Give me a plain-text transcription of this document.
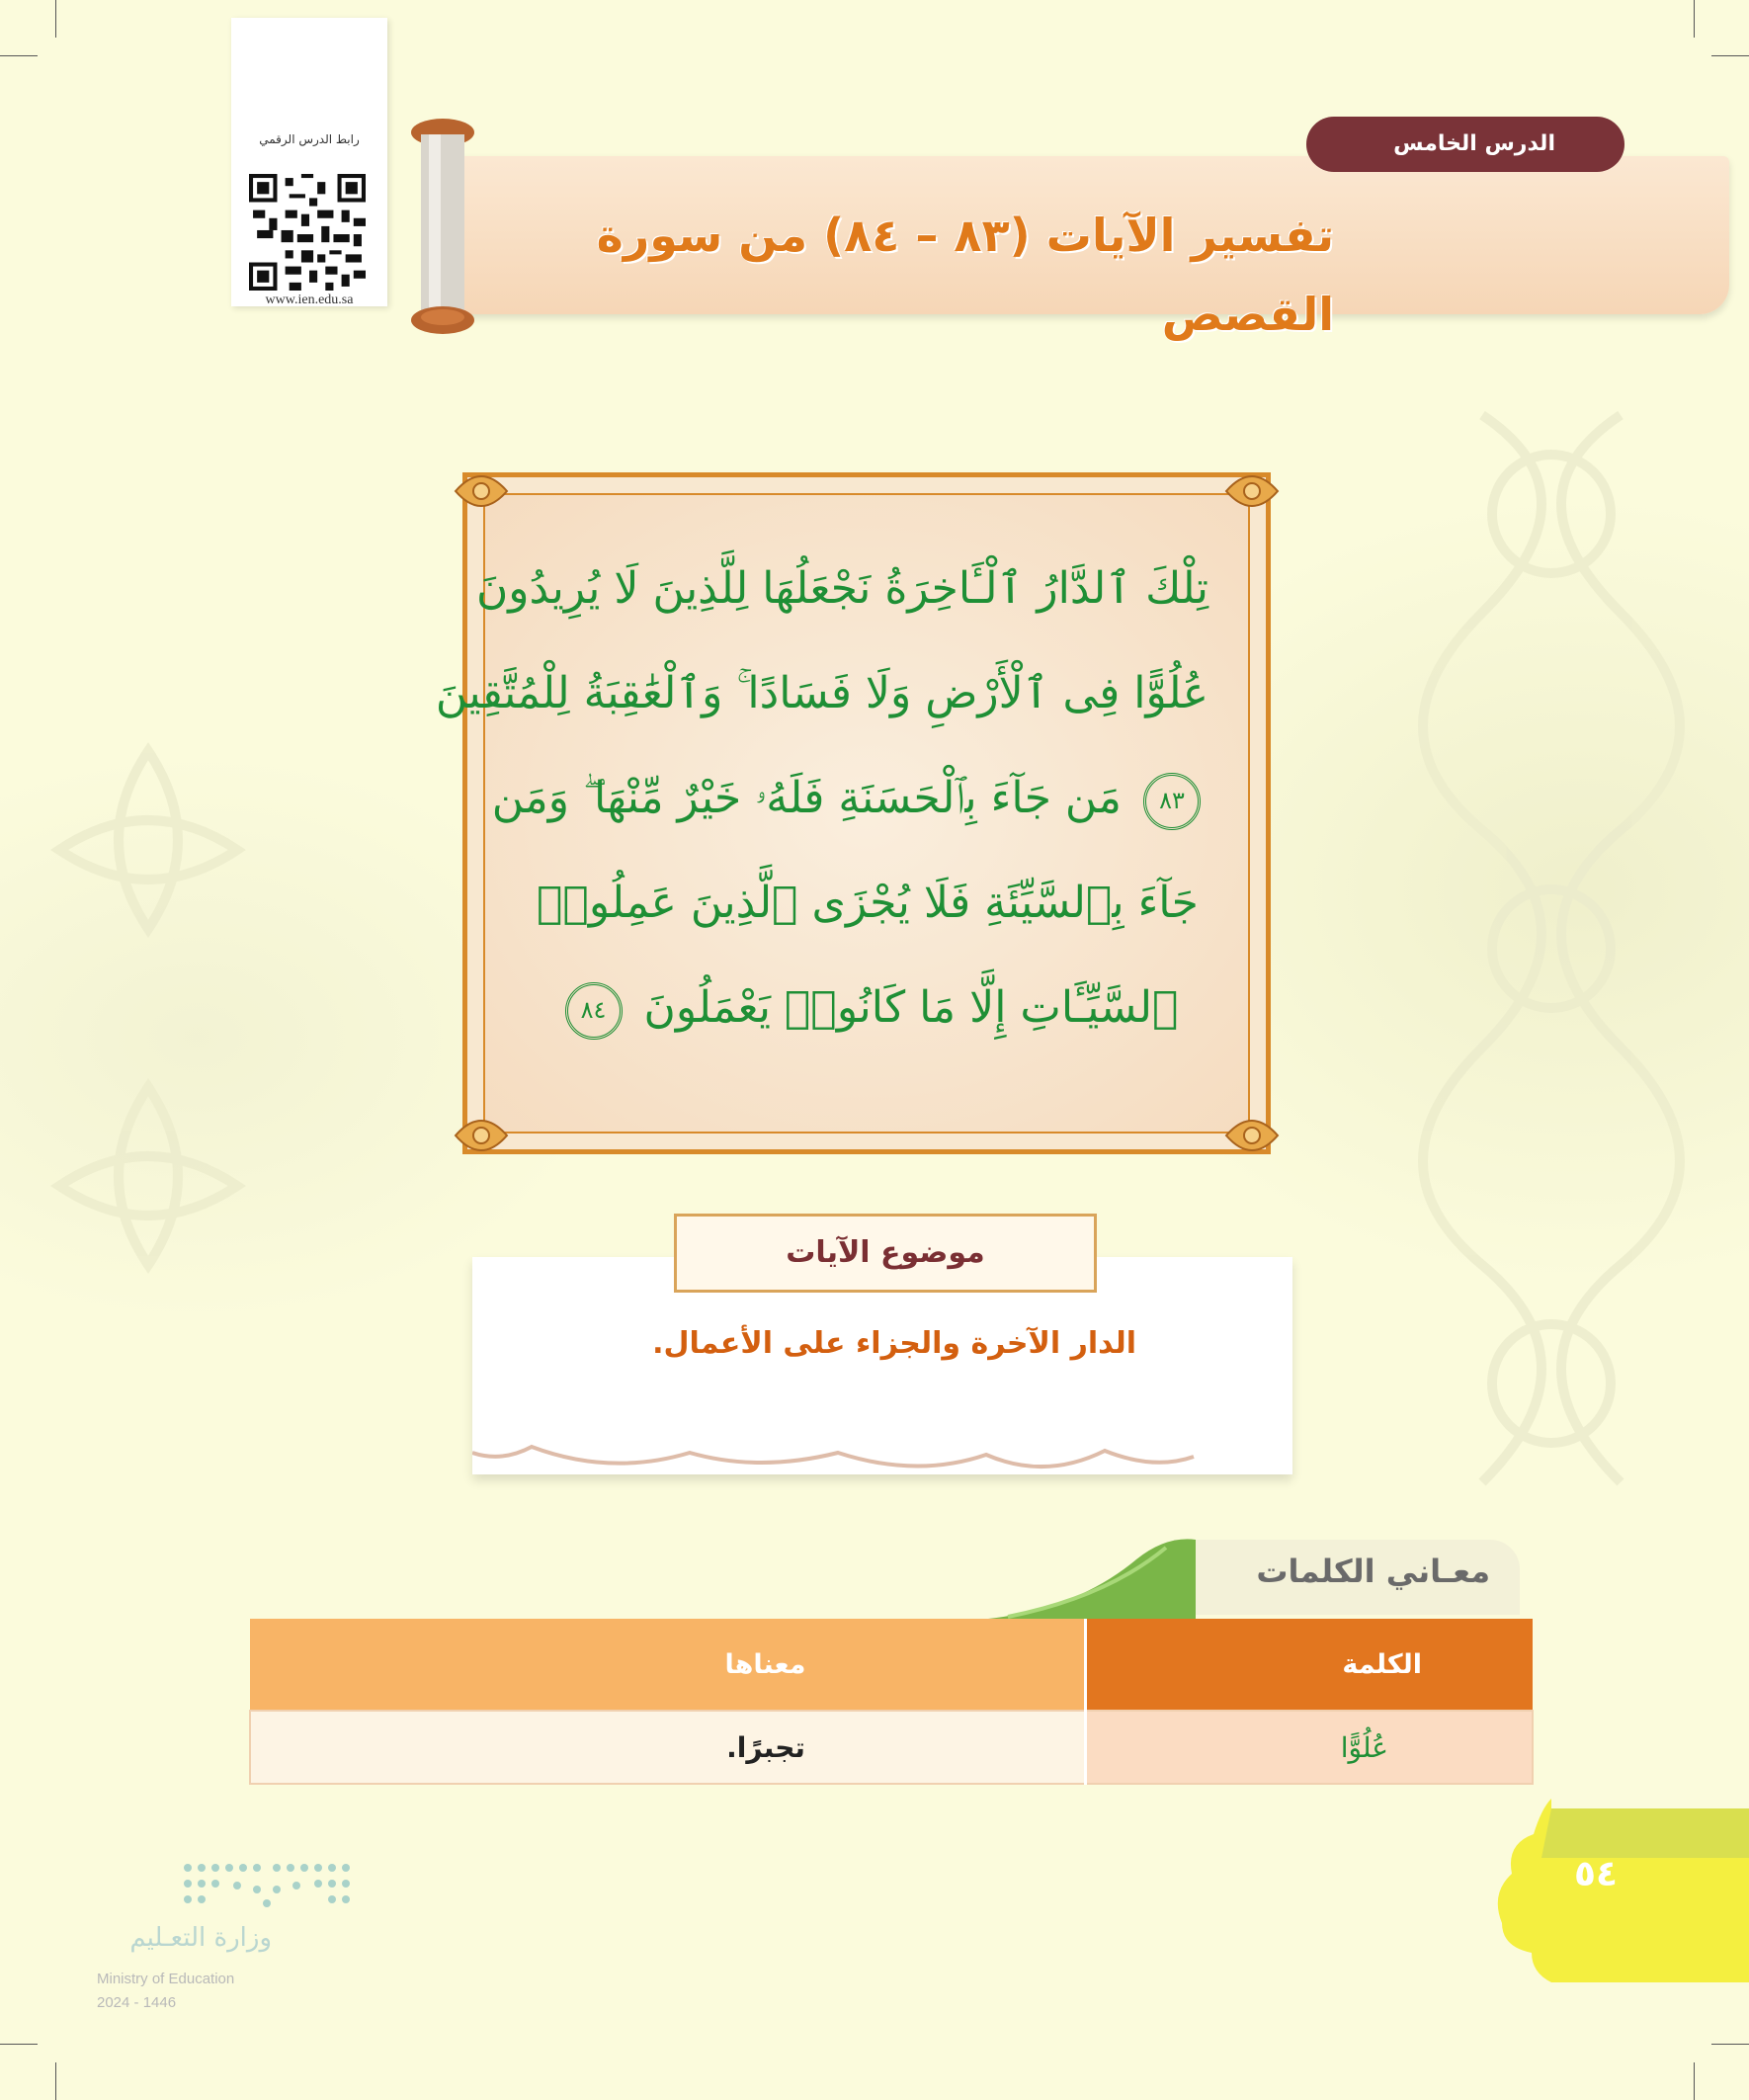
رابط الدرس الرقمي
www.ien.edu.sa
تفسير الآيات (٨٣ – ٨٤) من سورة القصص
الدرس الخامس
تِلْكَ ٱلدَّارُ ٱلْـَٔاخِرَةُ نَجْعَلُهَا لِلَّذِينَ لَا يُرِيدُونَ
عُلُوًّا فِى ٱلْأَرْضِ وَلَا فَسَادًا ۚ وَٱلْعَٰقِبَةُ لِلْمُتَّقِينَ
٨٣ مَن جَآءَ بِٱلْحَسَنَةِ فَلَهُۥ خَيْرٌ مِّنْهَا ۖ وَمَن
جَآءَ بِٱلسَّيِّئَةِ فَلَا يُجْزَى ٱلَّذِينَ عَمِلُوا۟
ٱلسَّيِّـَٔاتِ إِلَّا مَا كَانُوا۟ يَعْمَلُونَ ٨٤
موضوع الآيات
الدار الآخرة والجزاء على الأعمال.
معـاني الكلمات
الكلمة	معناها
عُلُوًّا	تجبرًا.
٥٤
وزارة التعـليم
Ministry of Education
2024 - 1446
